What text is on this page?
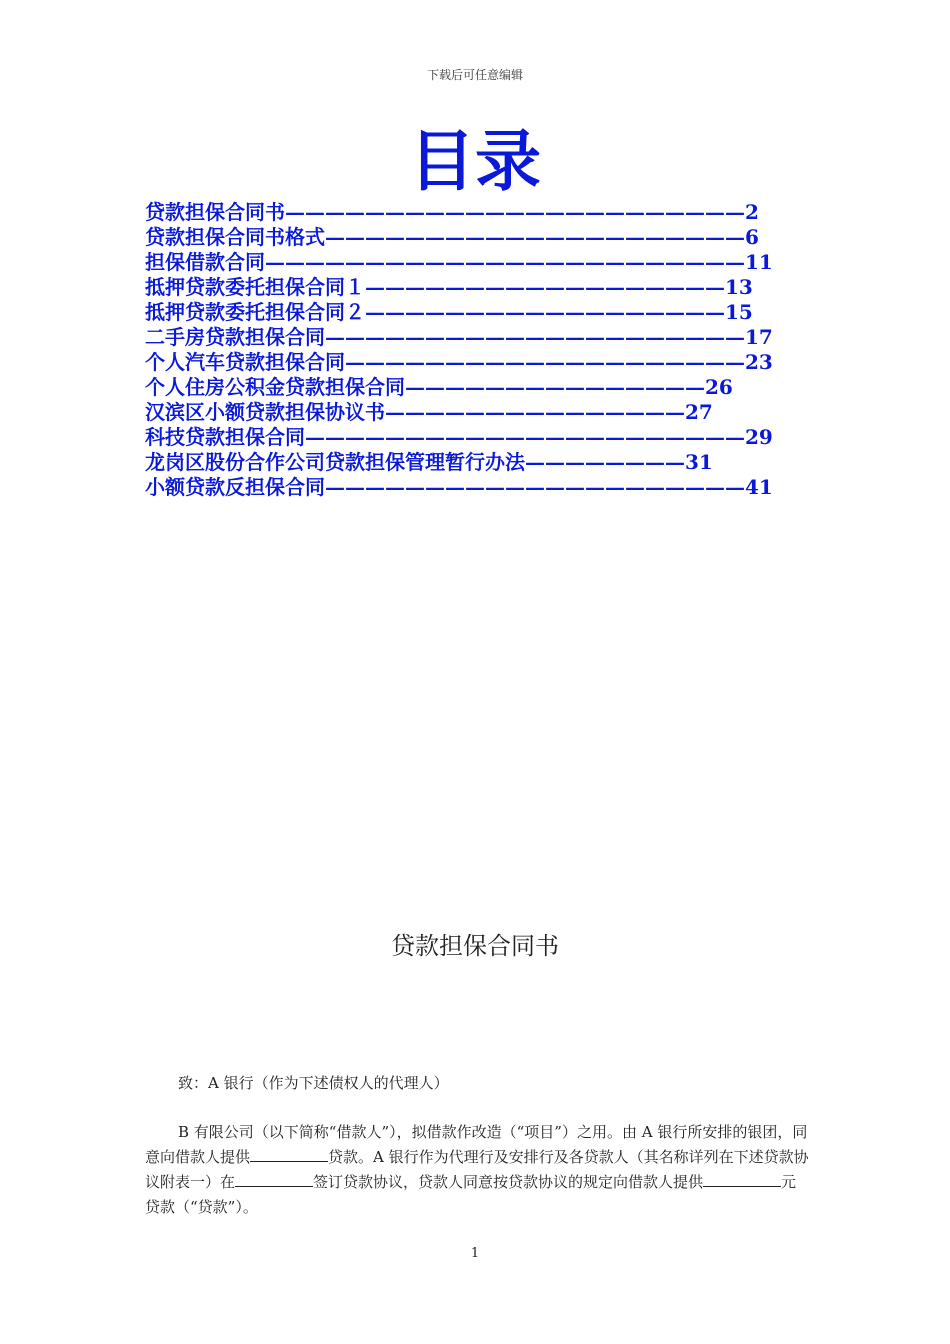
下载后可任意编辑
目录
贷款担保合同书———————————————————————2
贷款担保合同书格式—————————————————————6
担保借款合同————————————————————————11
抵押贷款委托担保合同１——————————————————13
抵押贷款委托担保合同２——————————————————15
二手房贷款担保合同—————————————————————17
个人汽车贷款担保合同————————————————————23
个人住房公积金贷款担保合同———————————————26
汉滨区小额贷款担保协议书———————————————27
科技贷款担保合同——————————————————————29
龙岗区股份合作公司贷款担保管理暂行办法————————31
小额贷款反担保合同—————————————————————41
贷款担保合同书
致：A 银行（作为下述债权人的代理人）

B 有限公司（以下简称“借款人”），拟借款作改造（“项目”）之用。由 A 银行所安排的银团，同意向借款人提供	贷款。A 银行作为代理行及安排行及各贷款人（其名称详列在下述贷款协议附表一）在	签订贷款协议，贷款人同意按贷款协议的规定向借款人提供	元贷款（“贷款”）。

1
